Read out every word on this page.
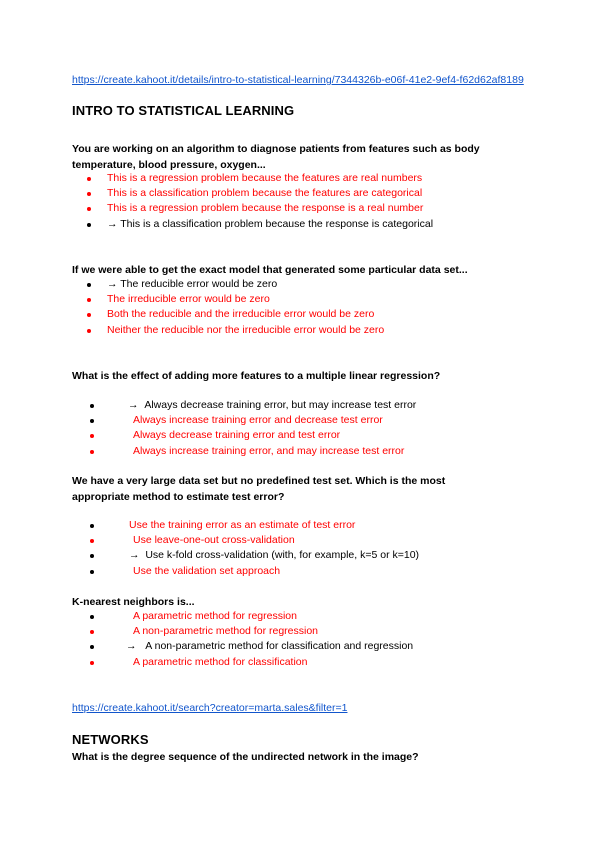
https://create.kahoot.it/details/intro-to-statistical-learning/7344326b-e06f-41e2-9ef4-f62d62af8189
INTRO TO STATISTICAL LEARNING
You are working on an algorithm to diagnose patients from features such as body temperature, blood pressure, oxygen...
This is a regression problem because the features are real numbers
This is a classification problem because the features are categorical
This is a regression problem because the response is a real number
→ This is a classification problem because the response is categorical
If we were able to get the exact model that generated some particular data set...
→ The reducible error would be zero
The irreducible error would be zero
Both the reducible and the irreducible error would be zero
Neither the reducible nor the irreducible error would be zero
What is the effect of adding more features to a multiple linear regression?
→ Always decrease training error, but may increase test error
Always increase training error and decrease test error
Always decrease training error and test error
Always increase training error, and may increase test error
We have a very large data set but no predefined test set. Which is the most appropriate method to estimate test error?
Use the training error as an estimate of test error
Use leave-one-out cross-validation
→ Use k-fold cross-validation (with, for example, k=5 or k=10)
Use the validation set approach
K-nearest neighbors is...
A parametric method for regression
A non-parametric method for regression
→ A non-parametric method for classification and regression
A parametric method for classification
https://create.kahoot.it/search?creator=marta.sales&filter=1
NETWORKS
What is the degree sequence of the undirected network in the image?
